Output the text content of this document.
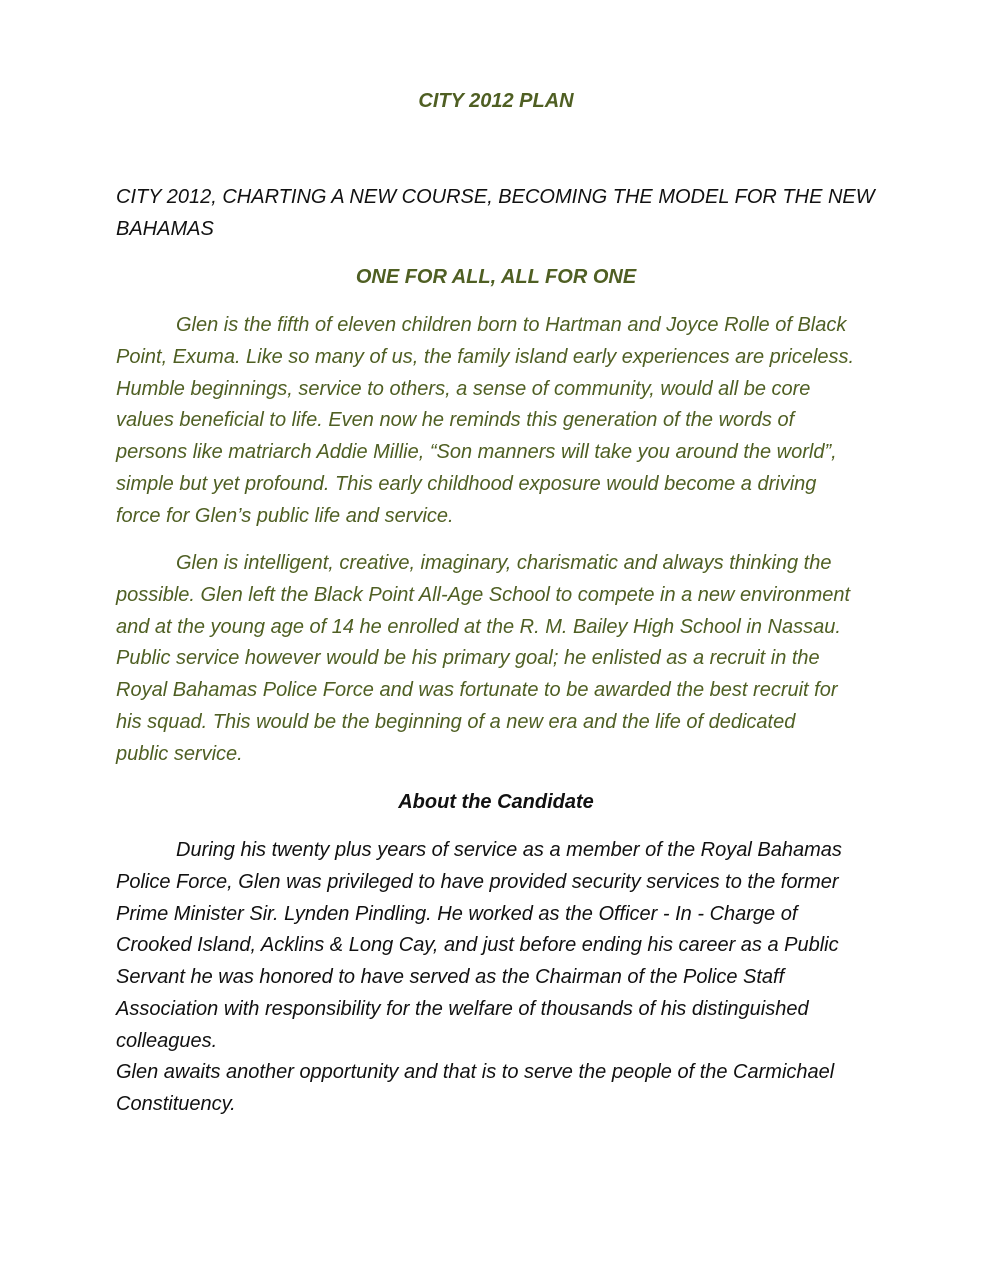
CITY 2012 PLAN

CITY 2012, CHARTING A NEW COURSE, BECOMING THE MODEL FOR THE NEW
BAHAMAS

ONE FOR ALL, ALL FOR ONE

Glen is the fifth of eleven children born to Hartman and Joyce Rolle of Black
Point, Exuma. Like so many of us, the family island early experiences are priceless.
Humble beginnings, service to others, a sense of community, would all be core
values beneficial to life. Even now he reminds this generation of the words of
persons like matriarch Addie Millie, “Son manners will take you around the world”,
simple but yet profound. This early childhood exposure would become a driving
force for Glen’s public life and service.

Glen is intelligent, creative, imaginary, charismatic and always thinking the
possible. Glen left the Black Point All-Age School to compete in a new environment
and at the young age of 14 he enrolled at the R. M. Bailey High School in Nassau.
Public service however would be his primary goal; he enlisted as a recruit in the
Royal Bahamas Police Force and was fortunate to be awarded the best recruit for
his squad. This would be the beginning of a new era and the life of dedicated
public service.

About the Candidate

During his twenty plus years of service as a member of the Royal Bahamas
Police Force, Glen was privileged to have provided security services to the former
Prime Minister Sir. Lynden Pindling. He worked as the Officer - In - Charge of
Crooked Island, Acklins & Long Cay, and just before ending his career as a Public
Servant he was honored to have served as the Chairman of the Police Staff
Association with responsibility for the welfare of thousands of his distinguished
colleagues.

Glen awaits another opportunity and that is to serve the people of the Carmichael
Constituency.
